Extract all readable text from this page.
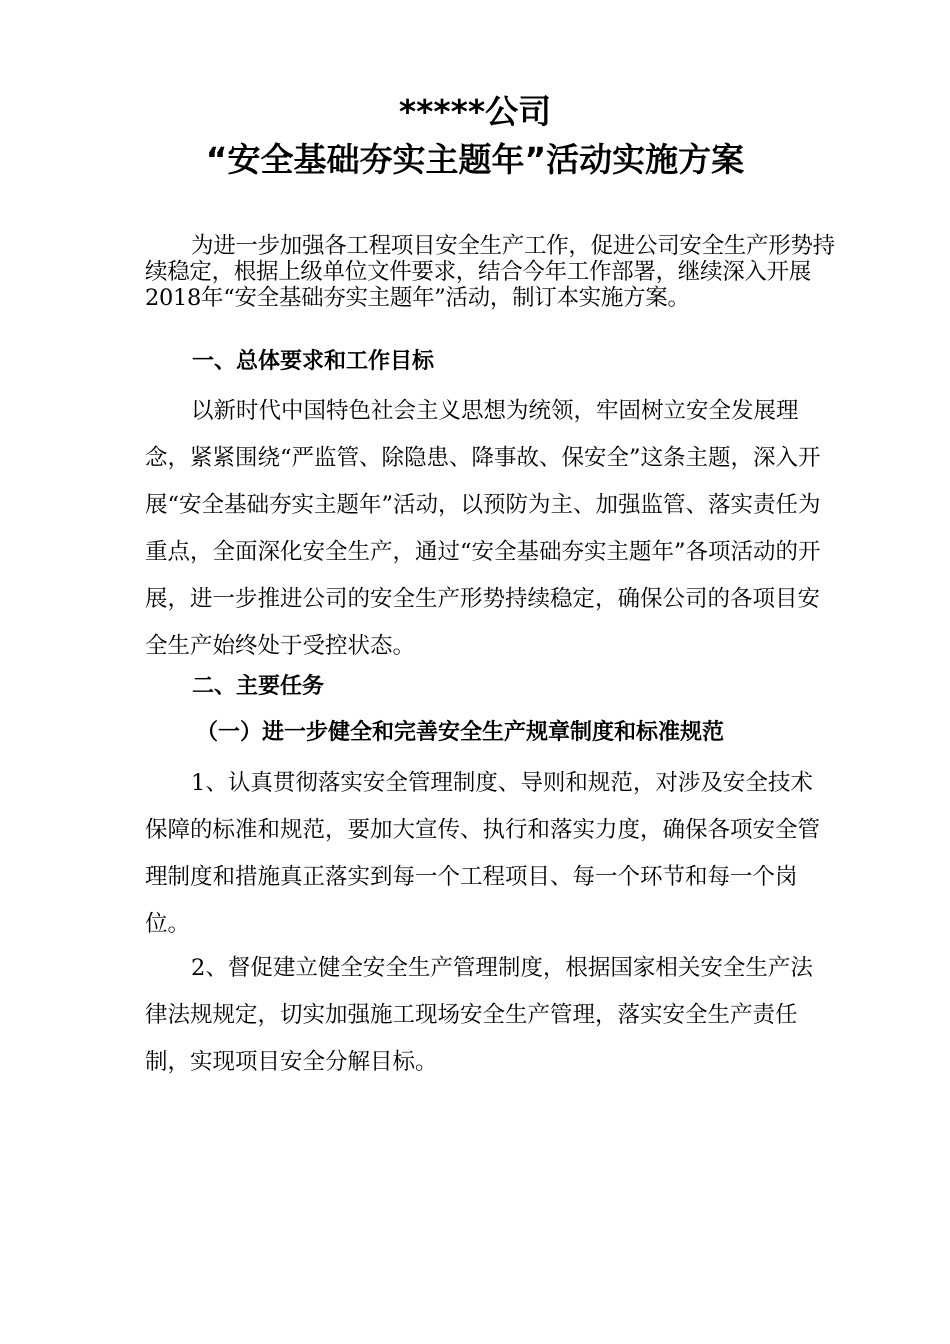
*****公司
“安全基础夯实主题年”活动实施方案

为进一步加强各工程项目安全生产工作，促进公司安全生产形势持续稳定，根据上级单位文件要求，结合今年工作部署，继续深入开展2018年“安全基础夯实主题年”活动，制订本实施方案。

一、总体要求和工作目标

以新时代中国特色社会主义思想为统领，牢固树立安全发展理念，紧紧围绕“严监管、除隐患、降事故、保安全”这条主题，深入开展“安全基础夯实主题年”活动，以预防为主、加强监管、落实责任为重点，全面深化安全生产，通过“安全基础夯实主题年”各项活动的开展，进一步推进公司的安全生产形势持续稳定，确保公司的各项目安全生产始终处于受控状态。

二、主要任务

（一）进一步健全和完善安全生产规章制度和标准规范

1、认真贯彻落实安全管理制度、导则和规范，对涉及安全技术保障的标准和规范，要加大宣传、执行和落实力度，确保各项安全管理制度和措施真正落实到每一个工程项目、每一个环节和每一个岗位。

2、督促建立健全安全生产管理制度，根据国家相关安全生产法律法规规定，切实加强施工现场安全生产管理，落实安全生产责任制，实现项目安全分解目标。
